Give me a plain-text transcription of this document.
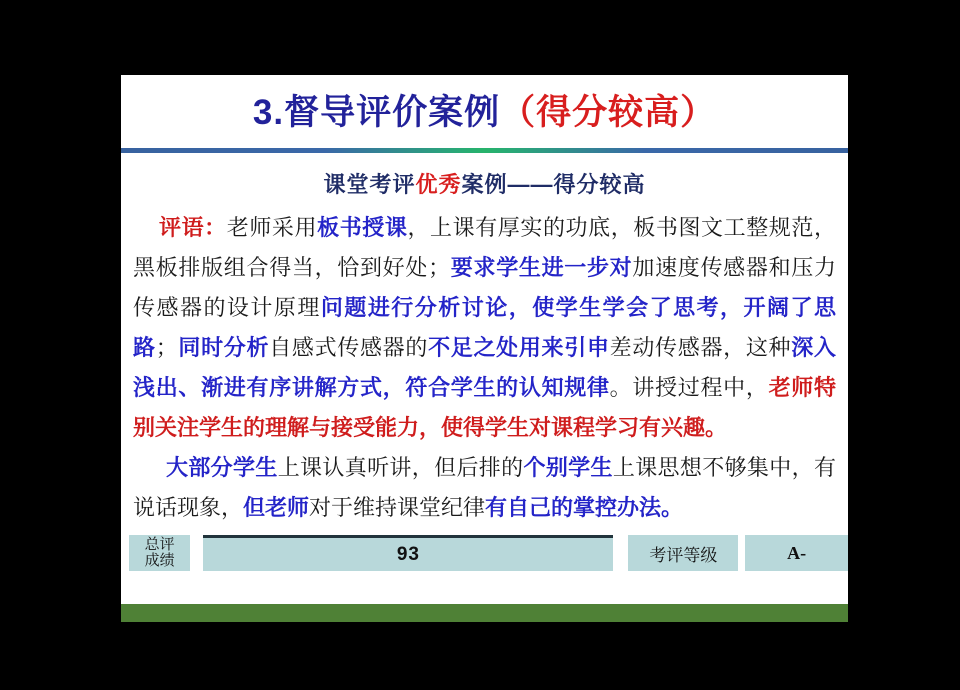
3.督导评价案例（得分较高）
课堂考评优秀案例——得分较高

评语：老师采用板书授课，上课有厚实的功底，板书图文工整规范，黑板排版组合得当，恰到好处；要求学生进一步对加速度传感器和压力传感器的设计原理问题进行分析讨论，使学生学会了思考，开阔了思路；同时分析自感式传感器的不足之处用来引申差动传感器，这种深入浅出、渐进有序讲解方式，符合学生的认知规律。讲授过程中，老师特别关注学生的理解与接受能力，使得学生对课程学习有兴趣。

大部分学生上课认真听讲，但后排的个别学生上课思想不够集中，有说话现象，但老师对于维持课堂纪律有自己的掌控办法。

总评
成绩	93	考评等级	A-
